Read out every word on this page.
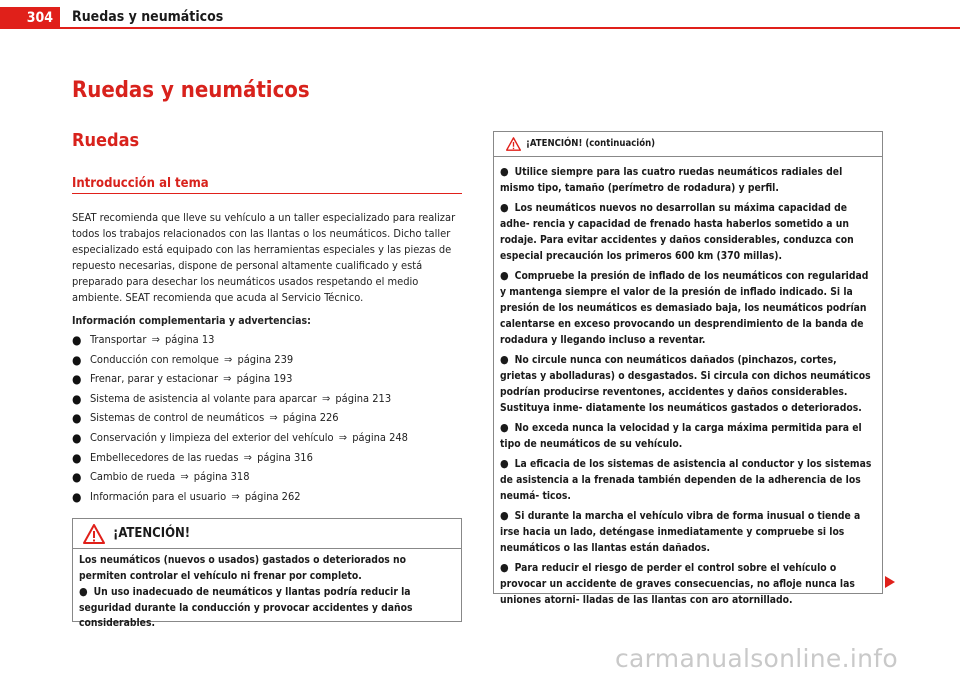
304	Ruedas y neumáticos
Ruedas y neumáticos
Ruedas
Introducción al tema

SEAT recomienda que lleve su vehículo a un taller especializado para realizar todos los trabajos relacionados con las llantas o los neumáticos. Dicho taller especializado está equipado con las herramientas especiales y las piezas de repuesto necesarias, dispone de personal altamente cualificado y está preparado para desechar los neumáticos usados respetando el medio ambiente. SEAT recomienda que acuda al Servicio Técnico.

Información complementaria y advertencias:
● Transportar ⇒ página 13
● Conducción con remolque ⇒ página 239
● Frenar, parar y estacionar ⇒ página 193
● Sistema de asistencia al volante para aparcar ⇒ página 213
● Sistemas de control de neumáticos ⇒ página 226
● Conservación y limpieza del exterior del vehículo ⇒ página 248
● Embellecedores de las ruedas ⇒ página 316
● Cambio de rueda ⇒ página 318
● Información para el usuario ⇒ página 262
¡ATENCIÓN!
Los neumáticos (nuevos o usados) gastados o deteriorados no permiten controlar el vehículo ni frenar por completo.
● Un uso inadecuado de neumáticos y llantas podría reducir la seguridad durante la conducción y provocar accidentes y daños considerables.
¡ATENCIÓN! (continuación)
● Utilice siempre para las cuatro ruedas neumáticos radiales del mismo tipo, tamaño (perímetro de rodadura) y perfil.
● Los neumáticos nuevos no desarrollan su máxima capacidad de adhe- rencia y capacidad de frenado hasta haberlos sometido a un rodaje. Para evitar accidentes y daños considerables, conduzca con especial precaución los primeros 600 km (370 millas).
● Compruebe la presión de inflado de los neumáticos con regularidad y mantenga siempre el valor de la presión de inflado indicado. Si la presión de los neumáticos es demasiado baja, los neumáticos podrían calentarse en exceso provocando un desprendimiento de la banda de rodadura y llegando incluso a reventar.
● No circule nunca con neumáticos dañados (pinchazos, cortes, grietas y abolladuras) o desgastados. Si circula con dichos neumáticos podrían producirse reventones, accidentes y daños considerables. Sustituya inme- diatamente los neumáticos gastados o deteriorados.
● No exceda nunca la velocidad y la carga máxima permitida para el tipo de neumáticos de su vehículo.
● La eficacia de los sistemas de asistencia al conductor y los sistemas de asistencia a la frenada también dependen de la adherencia de los neumá- ticos.
● Si durante la marcha el vehículo vibra de forma inusual o tiende a irse hacia un lado, deténgase inmediatamente y compruebe si los neumáticos o las llantas están dañados.
● Para reducir el riesgo de perder el control sobre el vehículo o provocar un accidente de graves consecuencias, no afloje nunca las uniones atorni- lladas de las llantas con aro atornillado.
carmanualsonline.info
